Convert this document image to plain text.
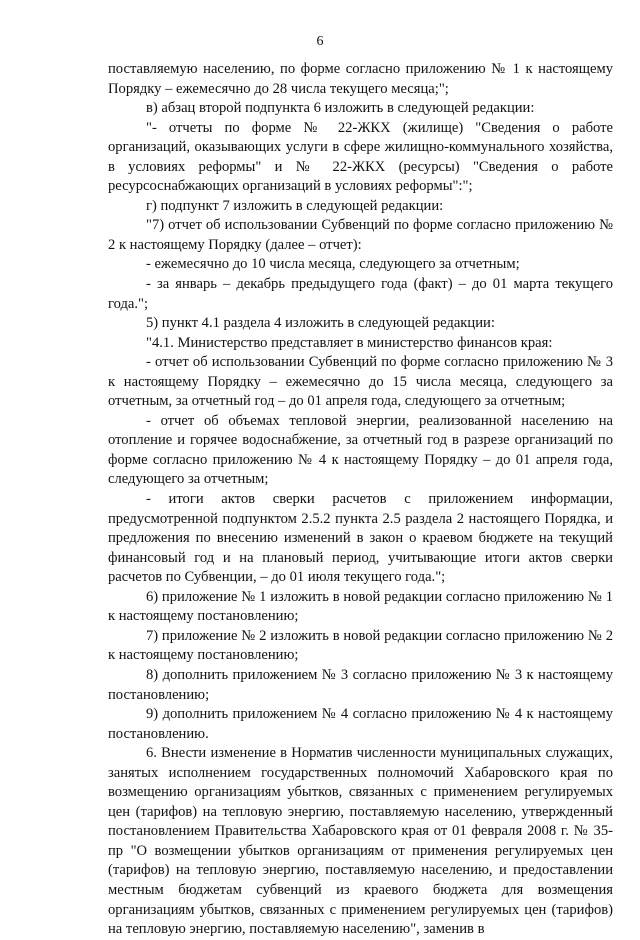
6

поставляемую населению, по форме согласно приложению № 1 к настоящему Порядку – ежемесячно до 28 числа текущего месяца;";

в) абзац второй подпункта 6 изложить в следующей редакции:

"- отчеты по форме № 22-ЖКХ (жилище) "Сведения о работе организаций, оказывающих услуги в сфере жилищно-коммунального хозяйства, в условиях реформы" и № 22-ЖКХ (ресурсы) "Сведения о работе ресурсоснабжающих организаций в условиях реформы":";

г) подпункт 7 изложить в следующей редакции:

"7) отчет об использовании Субвенций по форме согласно приложению № 2 к настоящему Порядку (далее – отчет):

- ежемесячно до 10 числа месяца, следующего за отчетным;

- за январь – декабрь предыдущего года (факт) – до 01 марта текущего года.";

5) пункт 4.1 раздела 4 изложить в следующей редакции:

"4.1. Министерство представляет в министерство финансов края:

- отчет об использовании Субвенций по форме согласно приложению № 3 к настоящему Порядку – ежемесячно до 15 числа месяца, следующего за отчетным, за отчетный год – до 01 апреля года, следующего за отчетным;

- отчет об объемах тепловой энергии, реализованной населению на отопление и горячее водоснабжение, за отчетный год в разрезе организаций по форме согласно приложению № 4 к настоящему Порядку – до 01 апреля года, следующего за отчетным;

- итоги актов сверки расчетов с приложением информации, предусмотренной подпунктом 2.5.2 пункта 2.5 раздела 2 настоящего Порядка, и предложения по внесению изменений в закон о краевом бюджете на текущий финансовый год и на плановый период, учитывающие итоги актов сверки расчетов по Субвенции, – до 01 июля текущего года.";

6) приложение № 1 изложить в новой редакции согласно приложению № 1 к настоящему постановлению;

7) приложение № 2 изложить в новой редакции согласно приложению № 2 к настоящему постановлению;

8) дополнить приложением № 3 согласно приложению № 3 к настоящему постановлению;

9) дополнить приложением № 4 согласно приложению № 4 к настоящему постановлению.

6. Внести изменение в Норматив численности муниципальных служащих, занятых исполнением государственных полномочий Хабаровского края по возмещению организациям убытков, связанных с применением регулируемых цен (тарифов) на тепловую энергию, поставляемую населению, утвержденный постановлением Правительства Хабаровского края от 01 февраля 2008 г. № 35-пр "О возмещении убытков организациям от применения регулируемых цен (тарифов) на тепловую энергию, поставляемую населению, и предоставлении местным бюджетам субвенций из краевого бюджета для возмещения организациям убытков, связанных с применением регулируемых цен (тарифов) на тепловую энергию, поставляемую населению", заменив в
